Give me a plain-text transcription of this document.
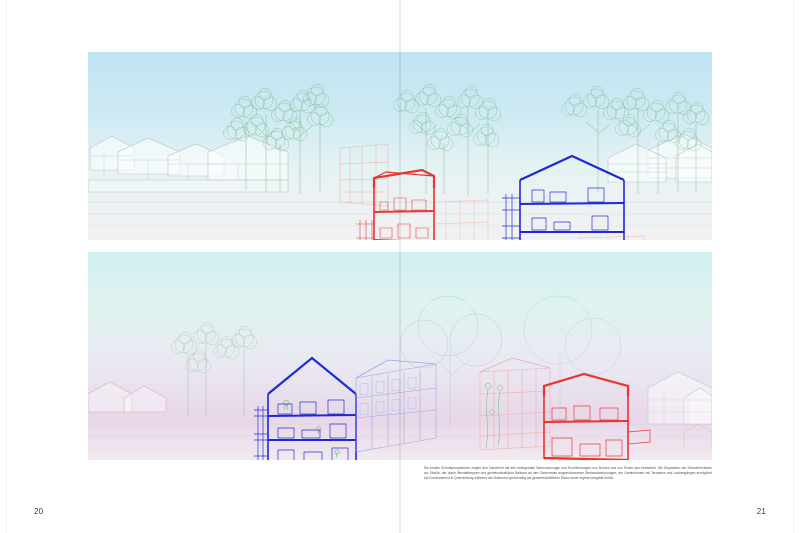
Die beiden Schnittperspektiven zeigen den Gartenhof mit den anliegenden Wohnnutzungen und Erschließungen von Norden und von Süden aus betrachtet. Die Disposition der Schwellenräume zur Straße, der durch Wendeltreppen und gemeinschaftliche Balkone an den Gartenraum angeschlossenen Bestandswohnungen, der Gartenhäuser mit Terrassen und Laubengängen ermöglicht ein Durchwohnen in Querrichtung während der Gartenhof gleichzeitig als gemeinschaftlicher Raum seine eigene Integrität erhält.
20	21
